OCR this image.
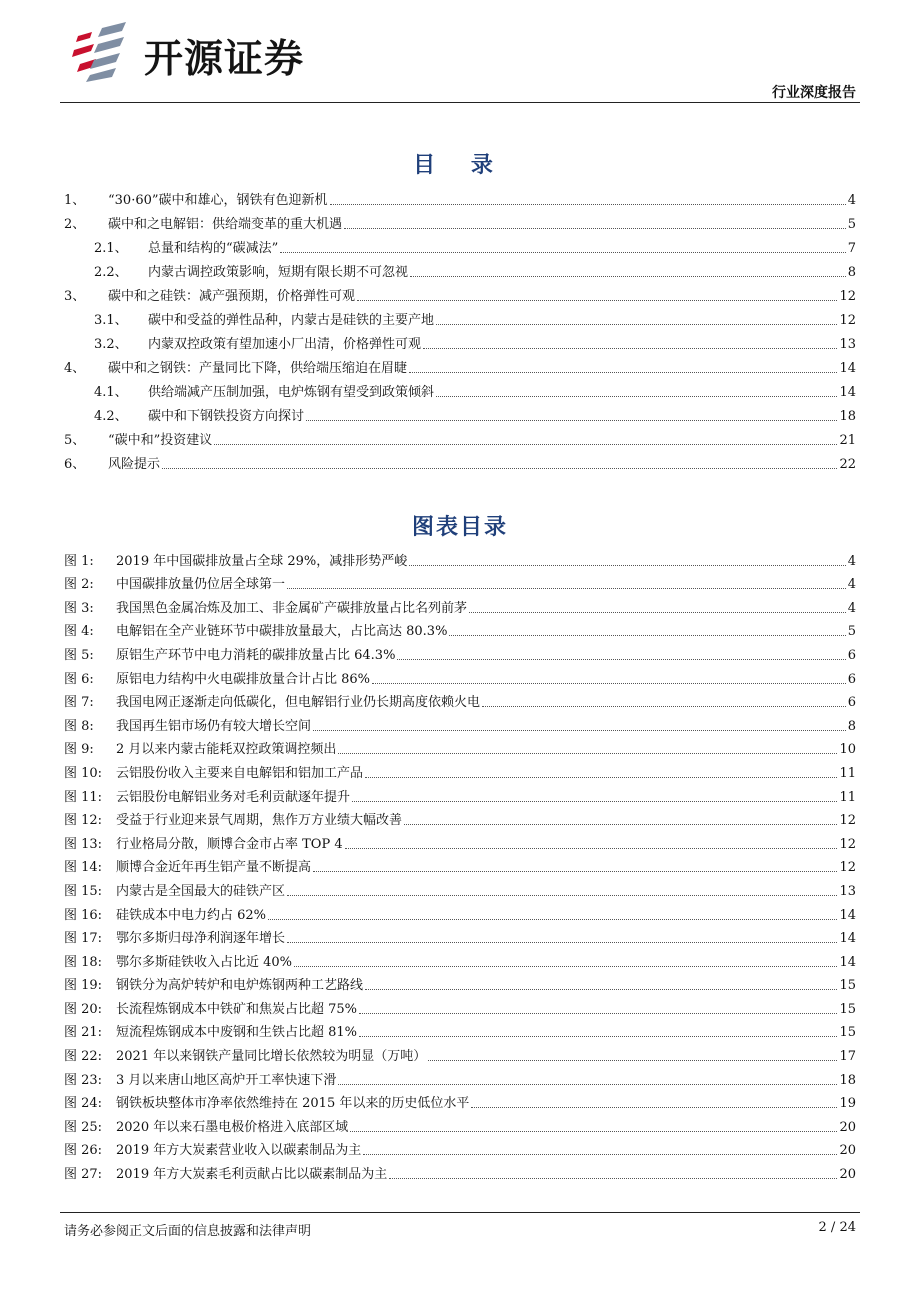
开源证券
行业深度报告
目 录
1、	“30·60”碳中和雄心，钢铁有色迎新机	4
2、	碳中和之电解铝：供给端变革的重大机遇	5
2.1、	总量和结构的“碳减法”	7
2.2、	内蒙古调控政策影响，短期有限长期不可忽视	8
3、	碳中和之硅铁：减产强预期，价格弹性可观	12
3.1、	碳中和受益的弹性品种，内蒙古是硅铁的主要产地	12
3.2、	内蒙双控政策有望加速小厂出清，价格弹性可观	13
4、	碳中和之钢铁：产量同比下降，供给端压缩迫在眉睫	14
4.1、	供给端减产压制加强，电炉炼钢有望受到政策倾斜	14
4.2、	碳中和下钢铁投资方向探讨	18
5、	“碳中和”投资建议	21
6、	风险提示	22
图表目录
图 1:	2019 年中国碳排放量占全球 29%，减排形势严峻	4
图 2:	中国碳排放量仍位居全球第一	4
图 3:	我国黑色金属冶炼及加工、非金属矿产碳排放量占比名列前茅	4
图 4:	电解铝在全产业链环节中碳排放量最大，占比高达 80.3%	5
图 5:	原铝生产环节中电力消耗的碳排放量占比 64.3%	6
图 6:	原铝电力结构中火电碳排放量合计占比 86%	6
图 7:	我国电网正逐渐走向低碳化，但电解铝行业仍长期高度依赖火电	6
图 8:	我国再生铝市场仍有较大增长空间	8
图 9:	2 月以来内蒙古能耗双控政策调控频出	10
图 10:	云铝股份收入主要来自电解铝和铝加工产品	11
图 11:	云铝股份电解铝业务对毛利贡献逐年提升	11
图 12:	受益于行业迎来景气周期，焦作万方业绩大幅改善	12
图 13:	行业格局分散，顺博合金市占率 TOP 4	12
图 14:	顺博合金近年再生铝产量不断提高	12
图 15:	内蒙古是全国最大的硅铁产区	13
图 16:	硅铁成本中电力约占 62%	14
图 17:	鄂尔多斯归母净利润逐年增长	14
图 18:	鄂尔多斯硅铁收入占比近 40%	14
图 19:	钢铁分为高炉转炉和电炉炼钢两种工艺路线	15
图 20:	长流程炼钢成本中铁矿和焦炭占比超 75%	15
图 21:	短流程炼钢成本中废钢和生铁占比超 81%	15
图 22:	2021 年以来钢铁产量同比增长依然较为明显（万吨）	17
图 23:	3 月以来唐山地区高炉开工率快速下滑	18
图 24:	钢铁板块整体市净率依然维持在 2015 年以来的历史低位水平	19
图 25:	2020 年以来石墨电极价格进入底部区域	20
图 26:	2019 年方大炭素营业收入以碳素制品为主	20
图 27:	2019 年方大炭素毛利贡献占比以碳素制品为主	20
请务必参阅正文后面的信息披露和法律声明	2 / 24
